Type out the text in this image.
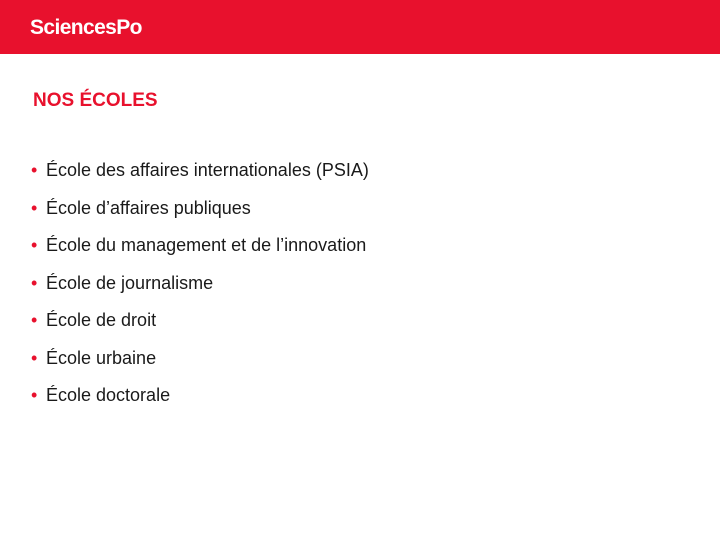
SciencesPo
NOS ÉCOLES
• École des affaires internationales (PSIA)
• École d’affaires publiques
• École du management et de l’innovation
• École de journalisme
• École de droit
• École urbaine
• École doctorale
